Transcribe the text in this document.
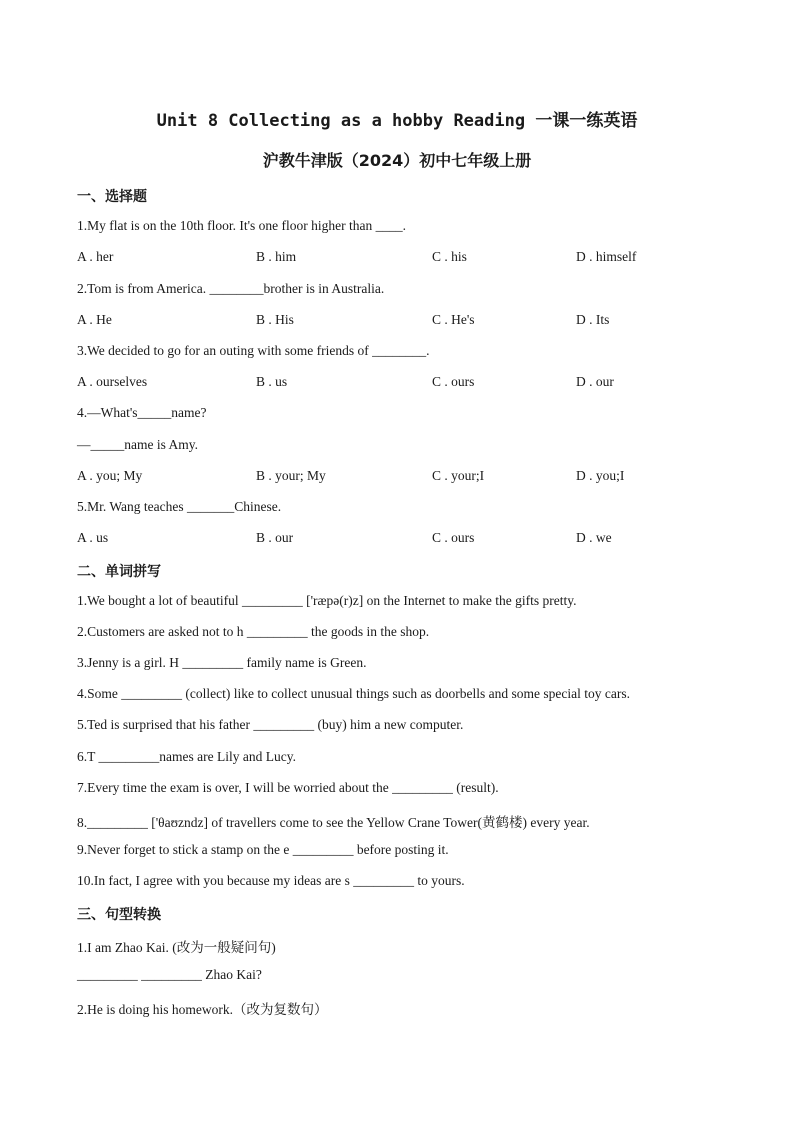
Unit 8 Collecting as a hobby Reading 一课一练英语
沪教牛津版（2024）初中七年级上册
一、选择题
1.My flat is on the 10th floor. It's one floor higher than ____.
A . her	B . him	C . his	D . himself
2.Tom is from America. ________brother is in Australia.
A . He	B . His	C . He's	D . Its
3.We decided to go for an outing with some friends of ________.
A . ourselves	B . us	C . ours	D . our
4.—What's_____name?
—_____name is Amy.
A . you; My	B . your; My	C . your;I	D . you;I
5.Mr. Wang teaches _______Chinese.
A . us	B . our	C . ours	D . we
二、单词拼写
1.We bought a lot of beautiful _________ ['ræpə(r)z] on the Internet to make the gifts pretty.
2.Customers are asked not to h _________ the goods in the shop.
3.Jenny is a girl. H _________ family name is Green.
4.Some _________ (collect) like to collect unusual things such as doorbells and some special toy cars.
5.Ted is surprised that his father _________ (buy) him a new computer.
6.T _________names are Lily and Lucy.
7.Every time the exam is over, I will be worried about the _________ (result).
8._________ ['θaʊzndz] of travellers come to see the Yellow Crane Tower(黄鹤楼) every year.
9.Never forget to stick a stamp on the e _________ before posting it.
10.In fact, I agree with you because my ideas are s _________ to yours.
三、句型转换
1.I am Zhao Kai. (改为一般疑问句)
_________ _________ Zhao Kai?
2.He is doing his homework.（改为复数句）
